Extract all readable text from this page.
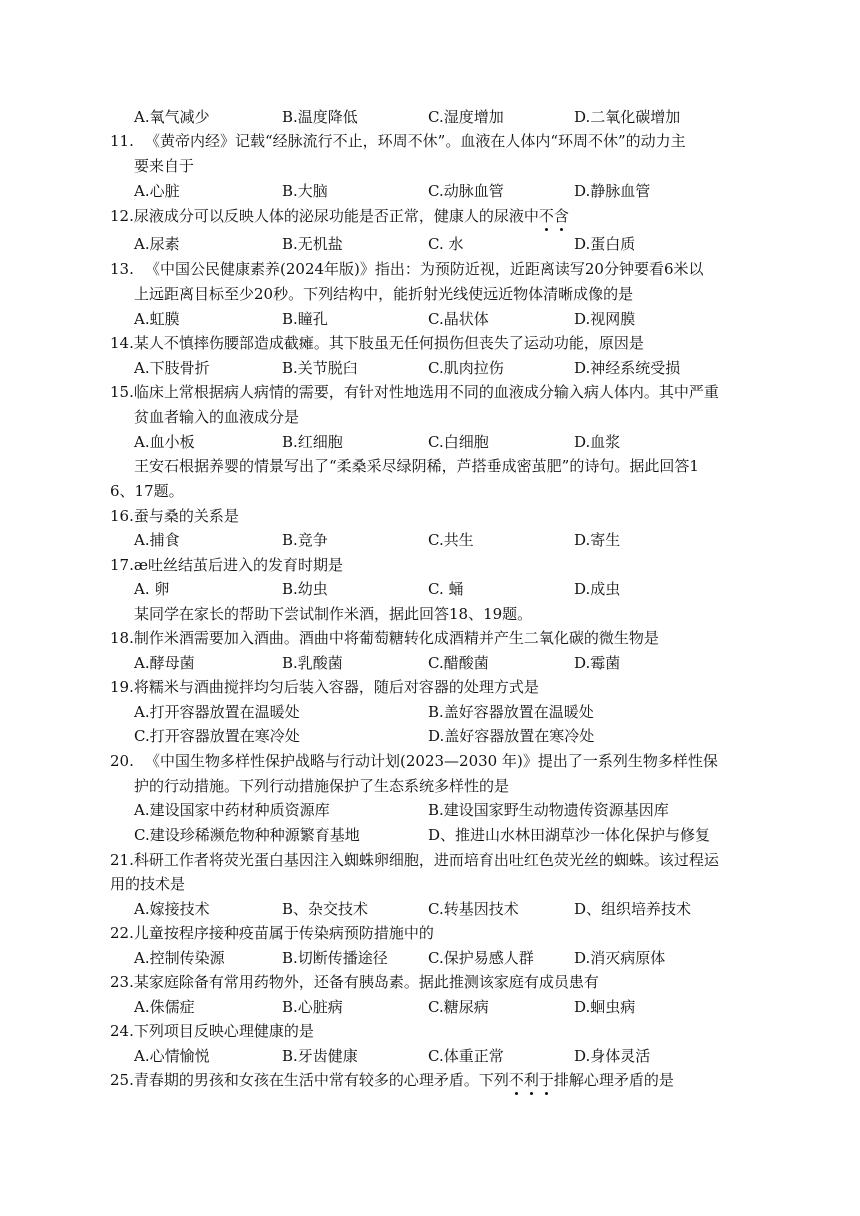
A.氧气减少	B.温度降低	C.湿度增加	D.二氧化碳增加
11. 《黄帝内经》记载“经脉流行不止，环周不休”。血液在人体内“环周不休”的动力主
要来自于
A.心脏	B.大脑	C.动脉血管	D.静脉血管
12.尿液成分可以反映人体的泌尿功能是否正常，健康人的尿液中不含
A.尿素	B.无机盐	C. 水	D.蛋白质
13. 《中国公民健康素养(2024年版)》指出：为预防近视，近距离读写20分钟要看6米以
上远距离目标至少20秒。下列结构中，能折射光线使远近物体清晰成像的是
A.虹膜	B.瞳孔	C.晶状体	D.视网膜
14.某人不慎摔伤腰部造成截瘫。其下肢虽无任何损伤但丧失了运动功能，原因是
A.下肢骨折	B.关节脱臼	C.肌肉拉伤	D.神经系统受损
15.临床上常根据病人病情的需要，有针对性地选用不同的血液成分输入病人体内。其中严重
贫血者输入的血液成分是
A.血小板	B.红细胞	C.白细胞	D.血浆
王安石根据养婴的情景写出了“柔桑采尽绿阴稀，芦搭垂成密茧肥”的诗句。据此回答1
6、17题。
16.蚕与桑的关系是
A.捕食	B.竞争	C.共生	D.寄生
17.æ吐丝结茧后进入的发育时期是
A. 卵	B.幼虫	C. 蛹	D.成虫
某同学在家长的帮助下尝试制作米酒，据此回答18、19题。
18.制作米酒需要加入酒曲。酒曲中将葡萄糖转化成酒精并产生二氧化碳的微生物是
A.酵母菌	B.乳酸菌	C.醋酸菌	D.霉菌
19.将糯米与酒曲搅拌均匀后装入容器，随后对容器的处理方式是
A.打开容器放置在温暖处	B.盖好容器放置在温暖处
C.打开容器放置在寒冷处	D.盖好容器放置在寒冷处
20. 《中国生物多样性保护战略与行动计划(2023—2030 年)》提出了一系列生物多样性保
护的行动措施。下列行动措施保护了生态系统多样性的是
A.建设国家中药材种质资源库	B.建设国家野生动物遗传资源基因库
C.建设珍稀濒危物种种源繁育基地	D、推进山水林田湖草沙一体化保护与修复
21.科研工作者将荧光蛋白基因注入蜘蛛卵细胞，进而培育出吐红色荧光丝的蜘蛛。该过程运
用的技术是
A.嫁接技术	B、杂交技术	C.转基因技术	D、组织培养技术
22.儿童按程序接种疫苗属于传染病预防措施中的
A.控制传染源	B.切断传播途径	C.保护易感人群	D.消灭病原体
23.某家庭除备有常用药物外，还备有胰岛素。据此推测该家庭有成员患有
A.侏儒症	B.心脏病	C.糖尿病	D.蛔虫病
24.下列项目反映心理健康的是
A.心情愉悦	B.牙齿健康	C.体重正常	D.身体灵活
25.青春期的男孩和女孩在生活中常有较多的心理矛盾。下列不利于排解心理矛盾的是
